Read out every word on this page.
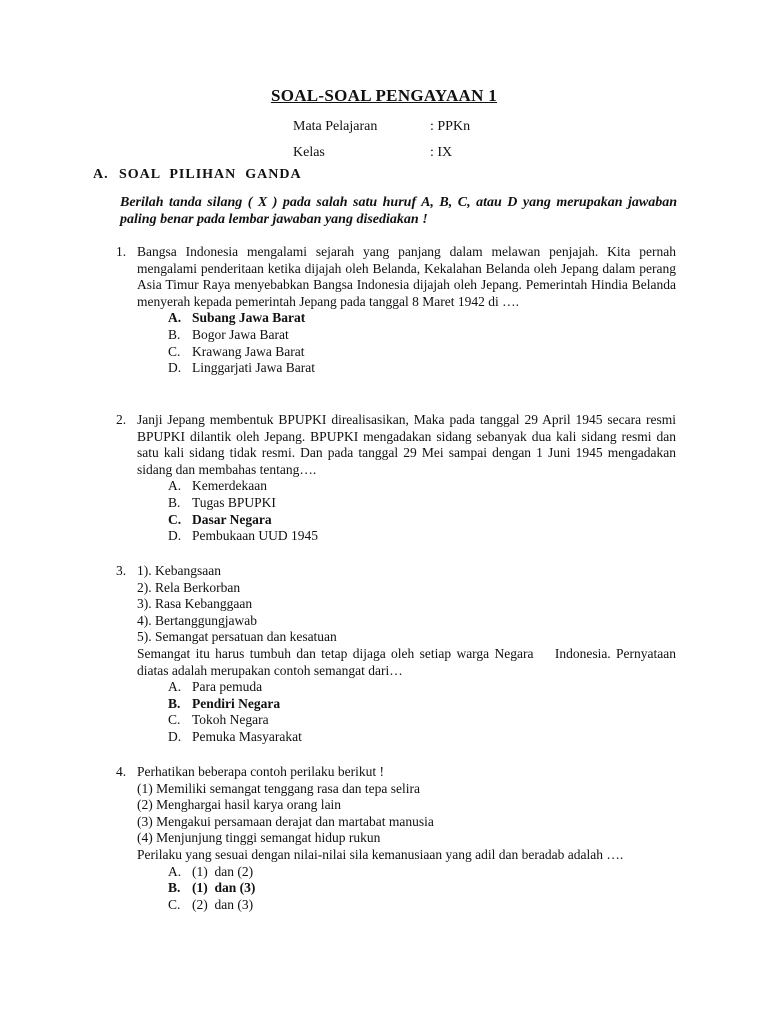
SOAL-SOAL PENGAYAAN 1
Mata Pelajaran	: PPKn
Kelas	: IX
A. SOAL  PILIHAN  GANDA
Berilah tanda silang ( X ) pada salah satu huruf A, B, C, atau D yang merupakan jawaban paling benar pada lembar jawaban yang disediakan !
1. Bangsa Indonesia mengalami sejarah yang panjang dalam melawan penjajah. Kita pernah mengalami penderitaan ketika dijajah oleh Belanda, Kekalahan Belanda oleh Jepang dalam perang Asia Timur Raya menyebabkan Bangsa Indonesia dijajah oleh Jepang. Pemerintah Hindia Belanda menyerah kepada pemerintah Jepang pada tanggal 8 Maret 1942 di ….
A. Subang Jawa Barat
B. Bogor Jawa Barat
C. Krawang Jawa Barat
D. Linggarjati Jawa Barat
2. Janji Jepang membentuk BPUPKI direalisasikan, Maka pada tanggal 29 April 1945 secara resmi BPUPKI dilantik oleh Jepang. BPUPKI mengadakan sidang sebanyak dua kali sidang resmi dan satu kali sidang tidak resmi. Dan pada tanggal 29 Mei sampai dengan 1 Juni 1945 mengadakan sidang dan membahas tentang….
A. Kemerdekaan
B. Tugas BPUPKI
C. Dasar Negara
D. Pembukaan UUD 1945
3. 1). Kebangsaan
2). Rela Berkorban
3). Rasa Kebanggaan
4). Bertanggungjawab
5). Semangat persatuan dan kesatuan
Semangat itu harus tumbuh dan tetap dijaga oleh setiap warga Negara    Indonesia. Pernyataan diatas adalah merupakan contoh semangat dari…
A. Para pemuda
B. Pendiri Negara
C. Tokoh Negara
D. Pemuka Masyarakat
4. Perhatikan beberapa contoh perilaku berikut !
(1) Memiliki semangat tenggang rasa dan tepa selira
(2) Menghargai hasil karya orang lain
(3) Mengakui persamaan derajat dan martabat manusia
(4) Menjunjung tinggi semangat hidup rukun
Perilaku yang sesuai dengan nilai-nilai sila kemanusiaan yang adil dan beradab adalah ….
A. (1)  dan (2)
B. (1)  dan (3)
C. (2)  dan (3)
